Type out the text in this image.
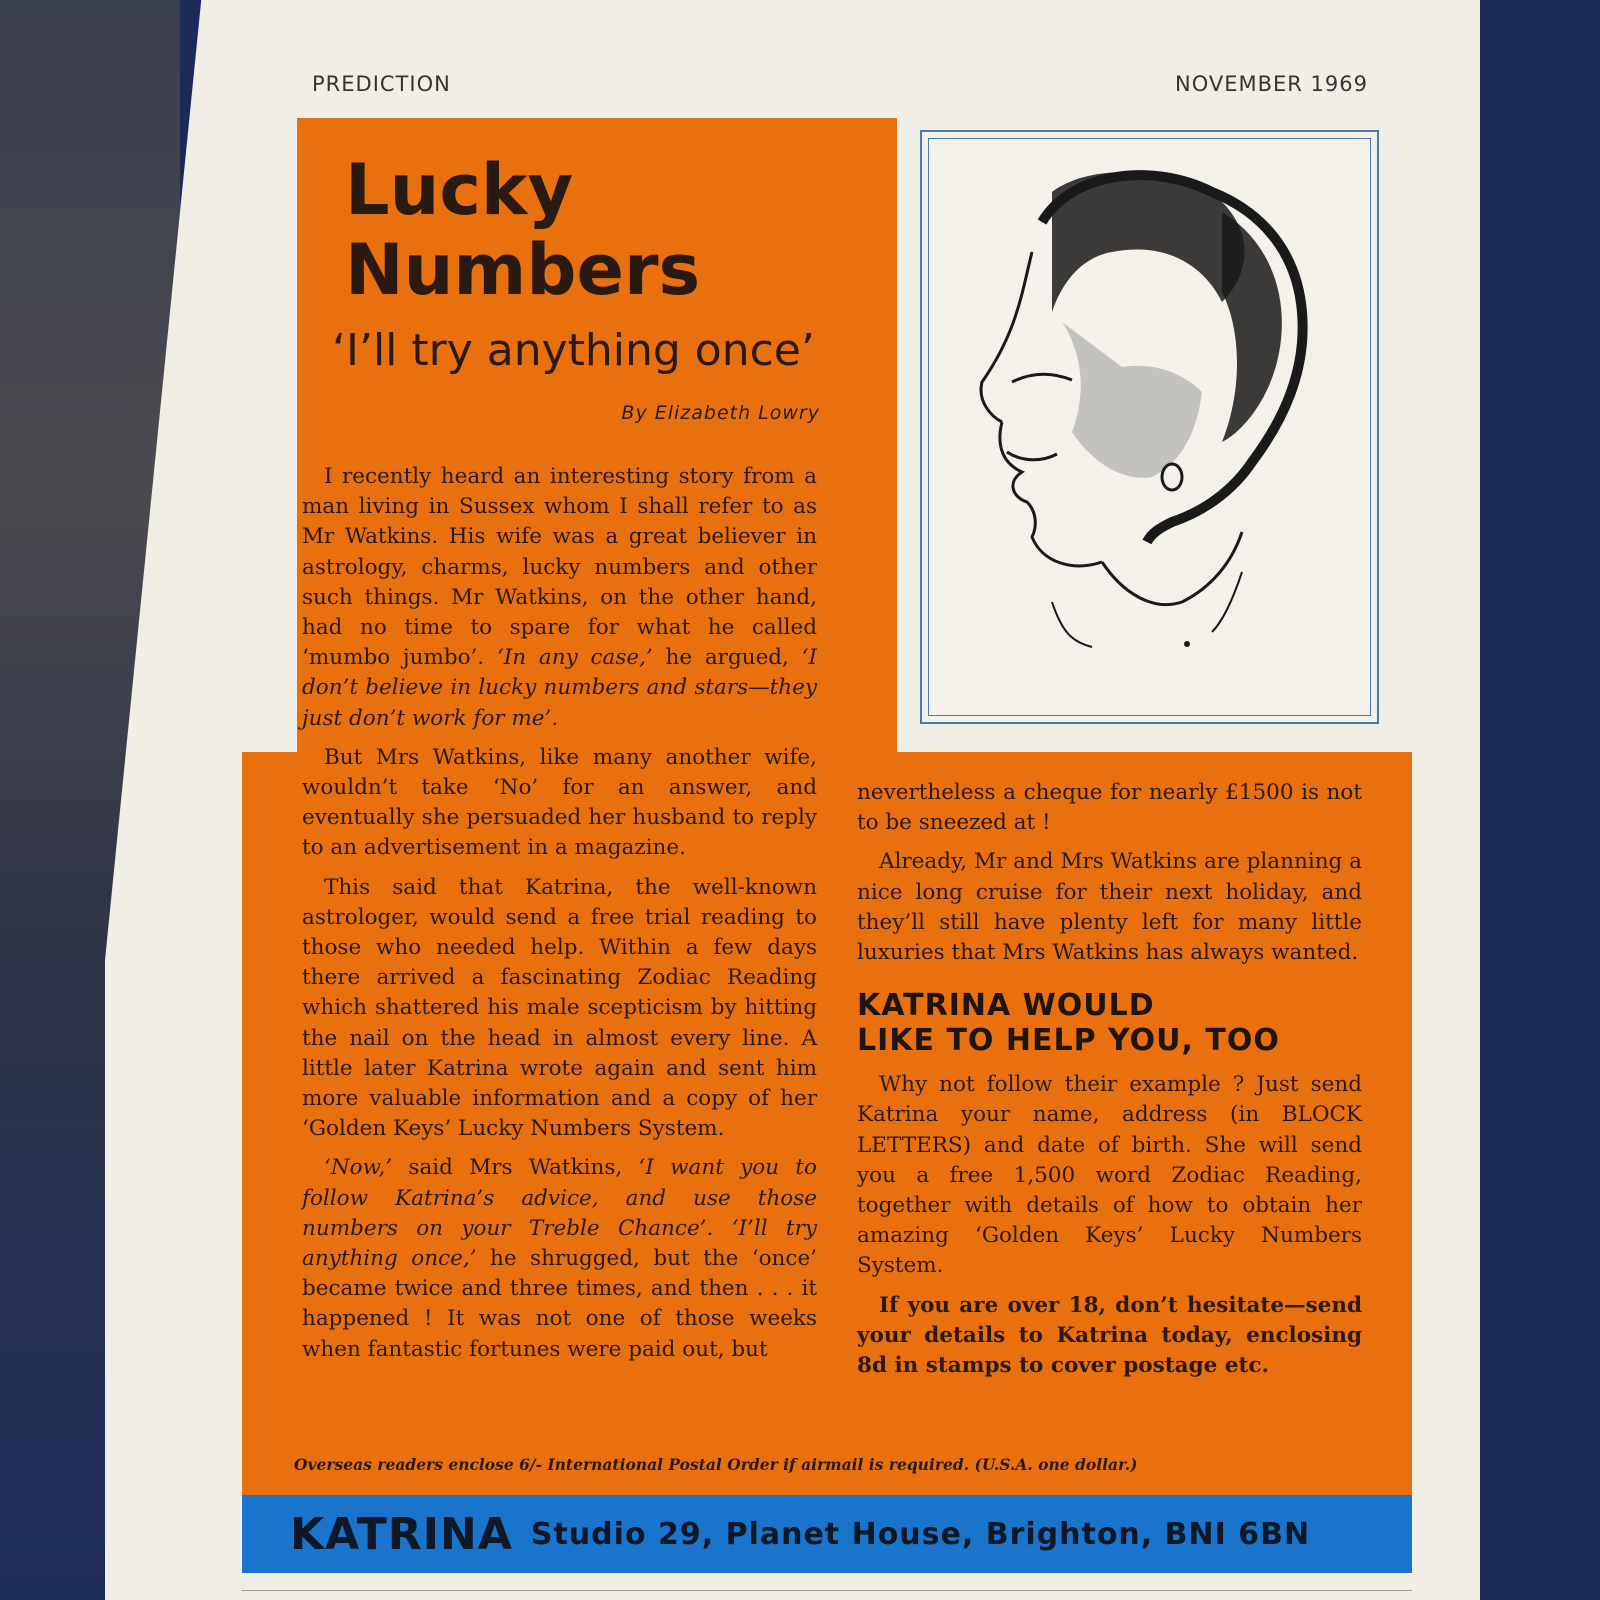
PREDICTION	NOVEMBER 1969
Lucky
Numbers
‘I’ll try anything once’
By Elizabeth Lowry

I recently heard an interesting story from a man living in Sussex whom I shall refer to as Mr Watkins. His wife was a great believer in astrology, charms, lucky numbers and other such things. Mr Watkins, on the other hand, had no time to spare for what he called ‘mumbo jumbo’. ‘In any case,’ he argued, ‘I don’t believe in lucky numbers and stars—they just don’t work for me’.

But Mrs Watkins, like many another wife, wouldn’t take ‘No’ for an answer, and eventually she persuaded her husband to reply to an advertisement in a magazine.

This said that Katrina, the well-known astrologer, would send a free trial reading to those who needed help. Within a few days there arrived a fascinating Zodiac Reading which shattered his male scepticism by hitting the nail on the head in almost every line. A little later Katrina wrote again and sent him more valuable information and a copy of her ‘Golden Keys’ Lucky Numbers System.

‘Now,’ said Mrs Watkins, ‘I want you to follow Katrina’s advice, and use those numbers on your Treble Chance’. ‘I’ll try anything once,’ he shrugged, but the ‘once’ became twice and three times, and then . . . it happened ! It was not one of those weeks when fantastic fortunes were paid out, but

nevertheless a cheque for nearly £1500 is not to be sneezed at !

Already, Mr and Mrs Watkins are planning a nice long cruise for their next holiday, and they’ll still have plenty left for many little luxuries that Mrs Watkins has always wanted.

KATRINA WOULD
LIKE TO HELP YOU, TOO

Why not follow their example ? Just send Katrina your name, address (in BLOCK LETTERS) and date of birth. She will send you a free 1,500 word Zodiac Reading, together with details of how to obtain her amazing ‘Golden Keys’ Lucky Numbers System.

If you are over 18, don’t hesitate—send your details to Katrina today, enclosing 8d in stamps to cover postage etc.

Overseas readers enclose 6/- International Postal Order if airmail is required. (U.S.A. one dollar.)
KATRINA Studio 29, Planet House, Brighton, BNI 6BN
